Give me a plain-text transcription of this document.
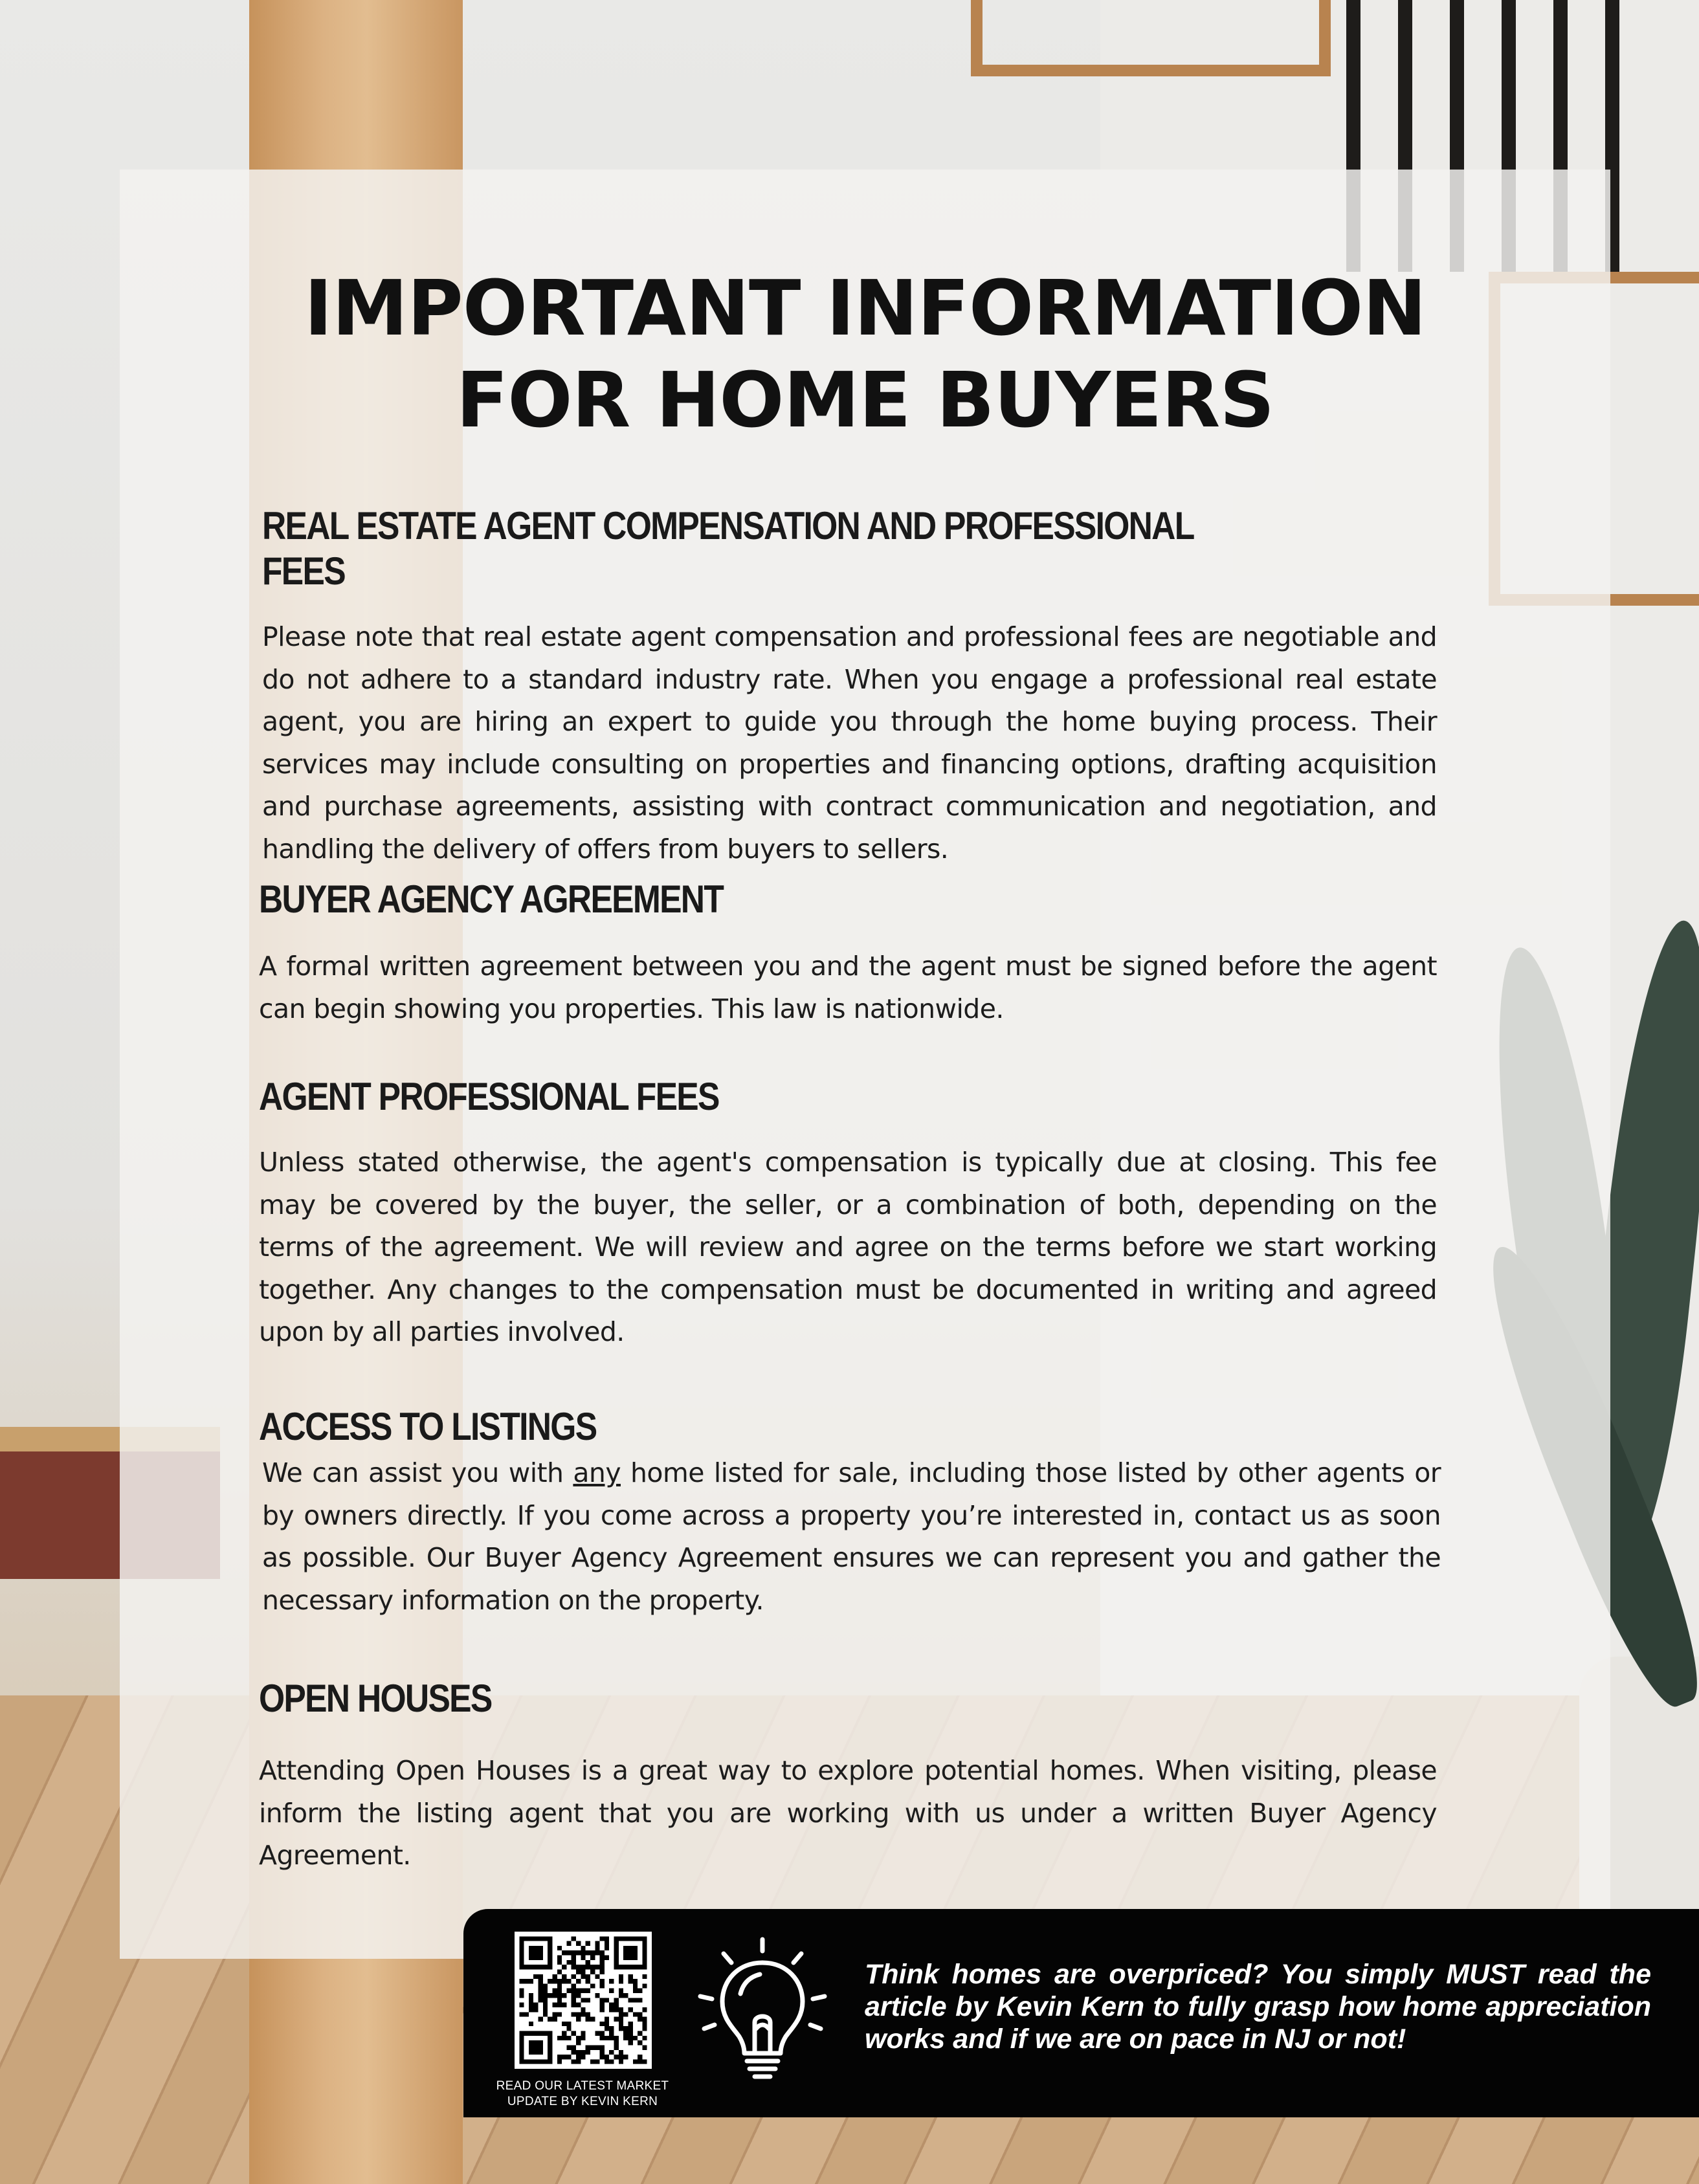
IMPORTANT INFORMATION
FOR HOME BUYERS
REAL ESTATE AGENT COMPENSATION AND PROFESSIONAL FEES

Please note that real estate agent compensation and professional fees are negotiable and do not adhere to a standard industry rate. When you engage a professional real estate agent, you are hiring an expert to guide you through the home buying process. Their services may include consulting on properties and financing options, drafting acquisition and purchase agreements, assisting with contract communication and negotiation, and handling the delivery of offers from buyers to sellers.

BUYER AGENCY AGREEMENT

A formal written agreement between you and the agent must be signed before the agent can begin showing you properties. This law is nationwide.

AGENT PROFESSIONAL FEES

Unless stated otherwise, the agent's compensation is typically due at closing. This fee may be covered by the buyer, the seller, or a combination of both, depending on the terms of the agreement. We will review and agree on the terms before we start working together. Any changes to the compensation must be documented in writing and agreed upon by all parties involved.

ACCESS TO LISTINGS

We can assist you with any home listed for sale, including those listed by other agents or by owners directly. If you come across a property you’re interested in, contact us as soon as possible. Our Buyer Agency Agreement ensures we can represent you and gather the necessary information on the property.

OPEN HOUSES

Attending Open Houses is a great way to explore potential homes. When visiting, please inform the listing agent that you are working with us under a written Buyer Agency Agreement.

READ OUR LATEST MARKET
UPDATE BY KEVIN KERN
Think homes are overpriced? You simply MUST read the article by Kevin Kern to fully grasp how home appreciation works and if we are on pace in NJ or not!
